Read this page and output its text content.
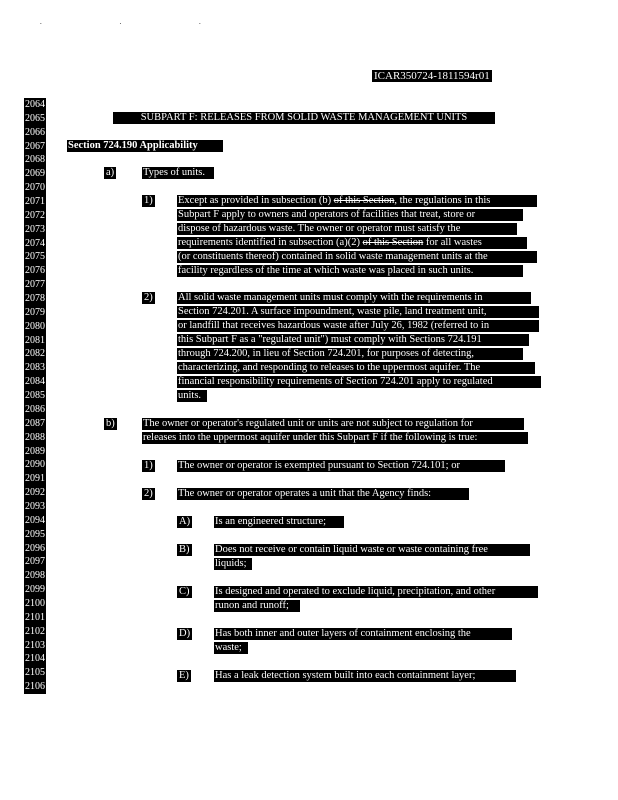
. . .
ICAR350724-1811594r01
2064
2065
2066
2067
2068
2069
2070
2071
2072
2073
2074
2075
2076
2077
2078
2079
2080
2081
2082
2083
2084
2085
2086
2087
2088
2089
2090
2091
2092
2093
2094
2095
2096
2097
2098
2099
2100
2101
2102
2103
2104
2105
2106
SUBPART F: RELEASES FROM SOLID WASTE MANAGEMENT UNITS
Section 724.190 Applicability
a)	Types of units.
1) Except as provided in subsection (b) of this Section, the regulations in this
Subpart F apply to owners and operators of facilities that treat, store or
dispose of hazardous waste. The owner or operator must satisfy the
requirements identified in subsection (a)(2) of this Section for all wastes
(or constituents thereof) contained in solid waste management units at the
facility regardless of the time at which waste was placed in such units.
2) All solid waste management units must comply with the requirements in
Section 724.201. A surface impoundment, waste pile, land treatment unit,
or landfill that receives hazardous waste after July 26, 1982 (referred to in
this Subpart F as a "regulated unit") must comply with Sections 724.191
through 724.200, in lieu of Section 724.201, for purposes of detecting,
characterizing, and responding to releases to the uppermost aquifer. The
financial responsibility requirements of Section 724.201 apply to regulated
units.
b)	The owner or operator's regulated unit or units are not subject to regulation for
releases into the uppermost aquifer under this Subpart F if the following is true:
1) The owner or operator is exempted pursuant to Section 724.101; or
2) The owner or operator operates a unit that the Agency finds:
A) Is an engineered structure;
B) Does not receive or contain liquid waste or waste containing free
liquids;
C) Is designed and operated to exclude liquid, precipitation, and other
runon and runoff;
D) Has both inner and outer layers of containment enclosing the
waste;
E) Has a leak detection system built into each containment layer;
